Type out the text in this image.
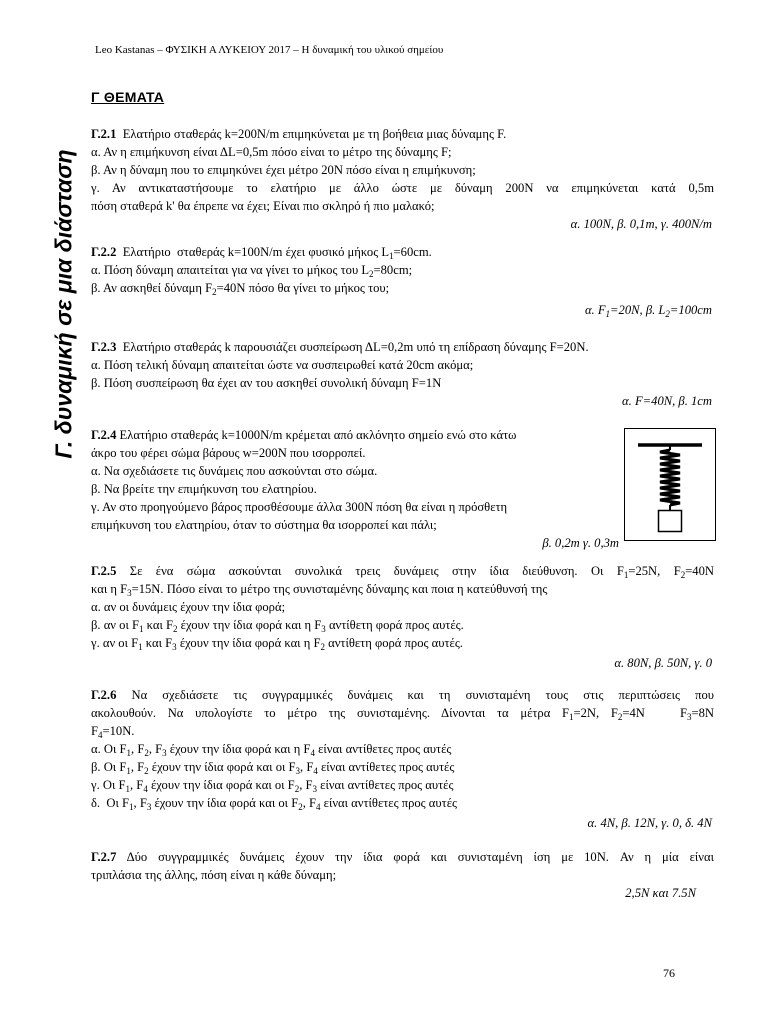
Leo Kastanas – ΦΥΣΙΚΗ Α ΛΥΚΕΙΟΥ 2017 – Η δυναμική του υλικού σημείου
Γ ΘΕΜΑΤΑ
Γ. δυναμική σε μια διάσταση
Γ.2.1 Ελατήριο σταθεράς k=200N/m επιμηκύνεται με τη βοήθεια μιας δύναμης F.
α. Αν η επιμήκυνση είναι ΔL=0,5m πόσο είναι το μέτρο της δύναμης F;
β. Αν η δύναμη που το επιμηκύνει έχει μέτρο 20N πόσο είναι η επιμήκυνση;
γ. Αν αντικαταστήσουμε το ελατήριο με άλλο ώστε με δύναμη 200N να επιμηκύνεται κατά 0,5m
πόση σταθερά k' θα έπρεπε να έχει; Είναι πιο σκληρό ή πιο μαλακό;
α. 100N, β. 0,1m, γ. 400N/m
Γ.2.2  Ελατήριο  σταθεράς k=100N/m έχει φυσικό μήκος $L_1=60cm$.
α. Πόση δύναμη απαιτείται για να γίνει το μήκος του $L_2=80cm$;
β. Αν ασκηθεί δύναμη $F_2=40N$ πόσο θα γίνει το μήκος του;
α. $F_1=20N$, β. $L_2=100cm$
Γ.2.3 Ελατήριο σταθεράς k παρουσιάζει συσπείρωση ΔL=0,2m υπό τη επίδραση δύναμης F=20N.
α. Πόση τελική δύναμη απαιτείται ώστε να συσπειρωθεί κατά 20cm ακόμα;
β. Πόση συσπείρωση θα έχει αν του ασκηθεί συνολική δύναμη F=1N
α. F=40N, β. 1cm
Γ.2.4 Ελατήριο σταθεράς k=1000N/m κρέμεται από ακλόνητο σημείο ενώ στο κάτω
άκρο του φέρει σώμα βάρους w=200N που ισορροπεί.
α. Να σχεδιάσετε τις δυνάμεις που ασκούνται στο σώμα.
β. Να βρείτε την επιμήκυνση του ελατηρίου.
γ. Αν στο προηγούμενο βάρος προσθέσουμε άλλα 300N πόση θα είναι η πρόσθετη
επιμήκυνση του ελατηρίου, όταν το σύστημα θα ισορροπεί και πάλι;
β. 0,2m γ. 0,3m
Γ.2.5 Σε ένα σώμα ασκούνται συνολικά τρεις δυνάμεις στην ίδια διεύθυνση. Οι $F_1=25N$, $F_2=40N$
και η $F_3=15N$. Πόσο είναι το μέτρο της συνισταμένης δύναμης και ποια η κατεύθυνσή της
α. αν οι δυνάμεις έχουν την ίδια φορά;
β. αν οι $F_1$ και $F_2$ έχουν την ίδια φορά και η $F_3$ αντίθετη φορά προς αυτές.
γ. αν οι $F_1$ και $F_3$ έχουν την ίδια φορά και η $F_2$ αντίθετη φορά προς αυτές.
α. 80N, β. 50N, γ. 0
Γ.2.6 Να σχεδιάσετε τις συγγραμμικές δυνάμεις και τη συνισταμένη τους στις περιπτώσεις που
ακολουθούν. Να υπολογίστε το μέτρο της συνισταμένης. Δίνονται τα μέτρα $F_1=2N$, $F_2=4N$   $F_3=8N$
$F_4=10N$.
α. Οι $F_1$, $F_2$, $F_3$ έχουν την ίδια φορά και η $F_4$ είναι αντίθετες προς αυτές
β. Οι $F_1$, $F_2$ έχουν την ίδια φορά και οι $F_3$, $F_4$ είναι αντίθετες προς αυτές
γ. Οι $F_1$, $F_4$ έχουν την ίδια φορά και οι $F_2$, $F_3$ είναι αντίθετες προς αυτές
δ.  Οι $F_1$, $F_3$ έχουν την ίδια φορά και οι $F_2$, $F_4$ είναι αντίθετες προς αυτές
α. 4N, β. 12N, γ. 0, δ. 4N
Γ.2.7 Δύο συγγραμμικές δυνάμεις έχουν την ίδια φορά και συνισταμένη ίση με 10N. Αν η μία είναι
τριπλάσια της άλλης, πόση είναι η κάθε δύναμη;
2,5N και 7.5N
76
